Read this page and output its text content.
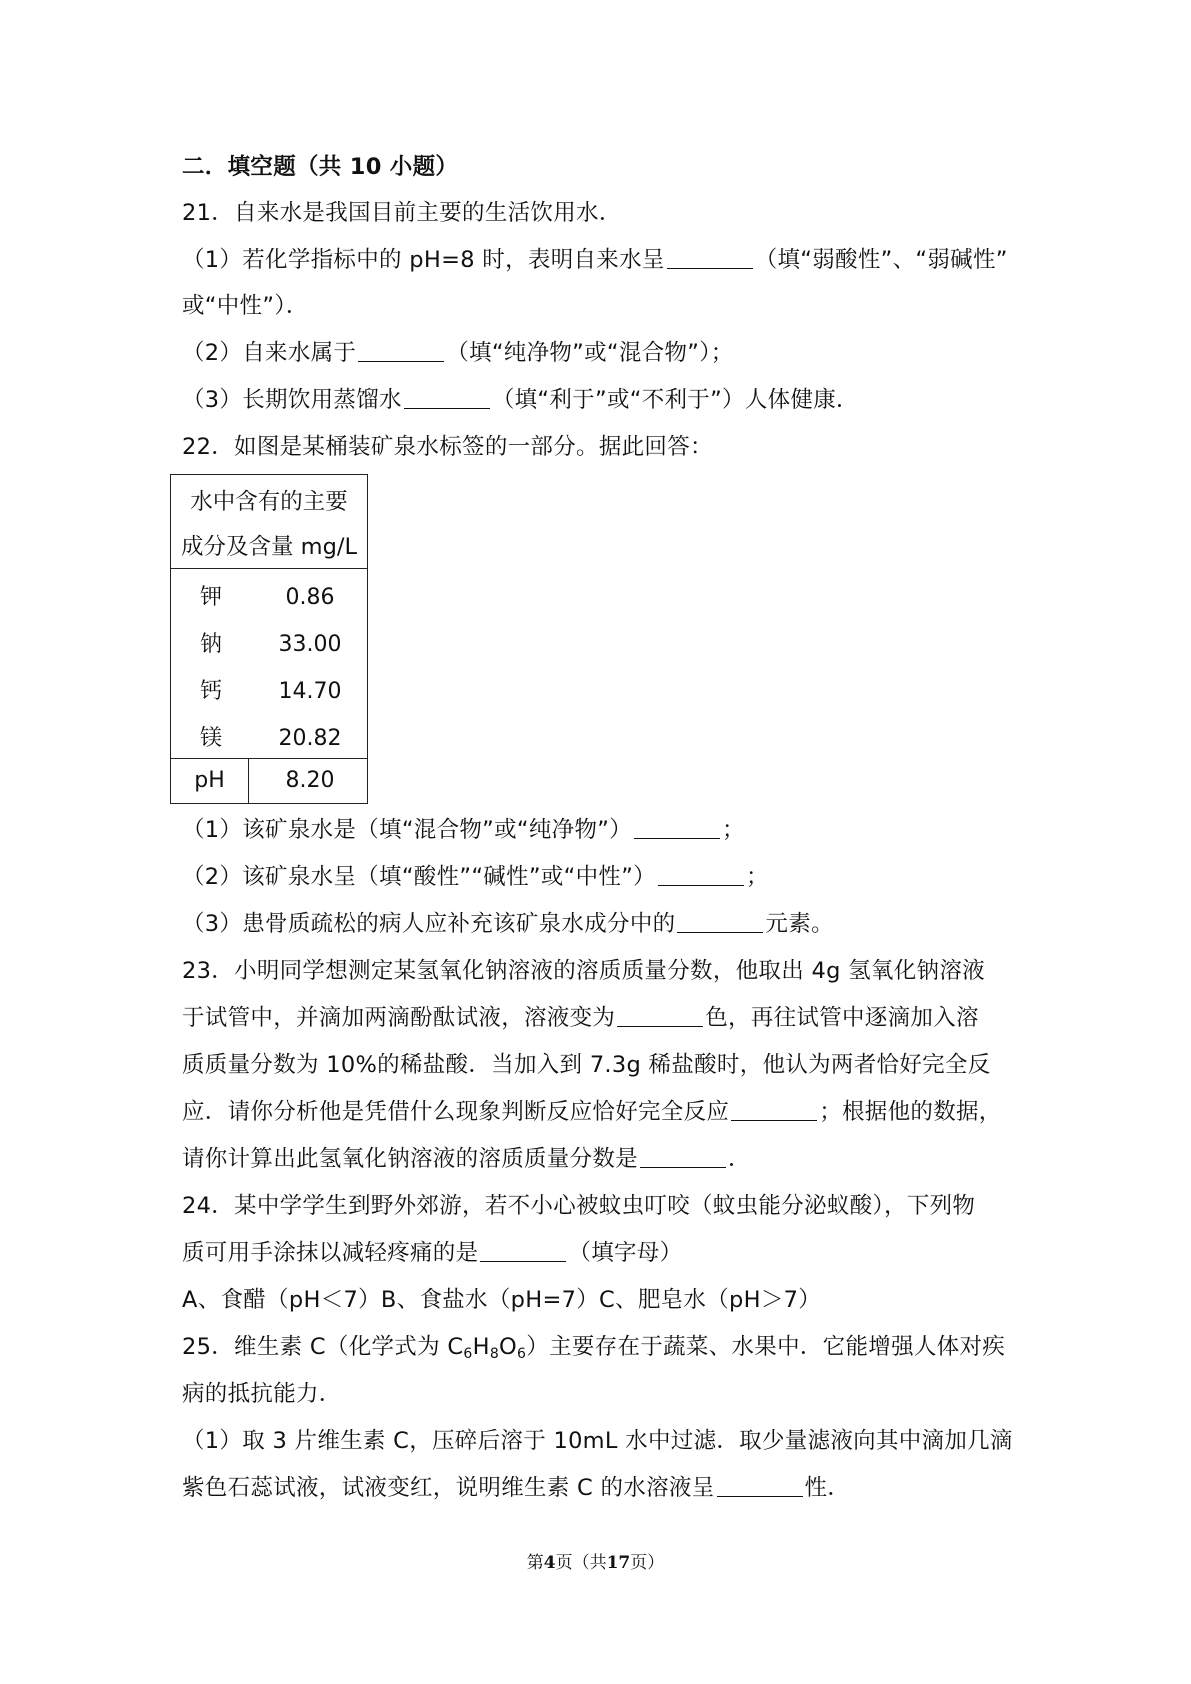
二．填空题（共 10 小题）
21．自来水是我国目前主要的生活饮用水．
（1）若化学指标中的 pH=8 时，表明自来水呈	（填“弱酸性”、“弱碱性”
或“中性”）．
（2）自来水属于	（填“纯净物”或“混合物”）；
（3）长期饮用蒸馏水	（填“利于”或“不利于”）人体健康．
22．如图是某桶装矿泉水标签的一部分。据此回答：
水中含有的主要
成分及含量 mg/L
钾	0.86
钠	33.00
钙	14.70
镁	20.82
pH	8.20
（1）该矿泉水是（填“混合物”或“纯净物”）	；
（2）该矿泉水呈（填“酸性”“碱性”或“中性”）	；
（3）患骨质疏松的病人应补充该矿泉水成分中的	元素。
23．小明同学想测定某氢氧化钠溶液的溶质质量分数，他取出 4g 氢氧化钠溶液
于试管中，并滴加两滴酚酞试液，溶液变为	色，再往试管中逐滴加入溶
质质量分数为 10%的稀盐酸．当加入到 7.3g 稀盐酸时，他认为两者恰好完全反
应．请你分析他是凭借什么现象判断反应恰好完全反应	；根据他的数据，
请你计算出此氢氧化钠溶液的溶质质量分数是	．
24．某中学学生到野外郊游，若不小心被蚊虫叮咬（蚊虫能分泌蚁酸），下列物
质可用手涂抹以减轻疼痛的是	（填字母）
A、食醋（pH＜7）B、食盐水（pH=7）C、肥皂水（pH＞7）
25．维生素 C（化学式为 $C_6H_8O_6$）主要存在于蔬菜、水果中．它能增强人体对疾
病的抵抗能力．
（1）取 3 片维生素 C，压碎后溶于 10mL 水中过滤．取少量滤液向其中滴加几滴
紫色石蕊试液，试液变红，说明维生素 C 的水溶液呈	性．
第4页（共17页）
